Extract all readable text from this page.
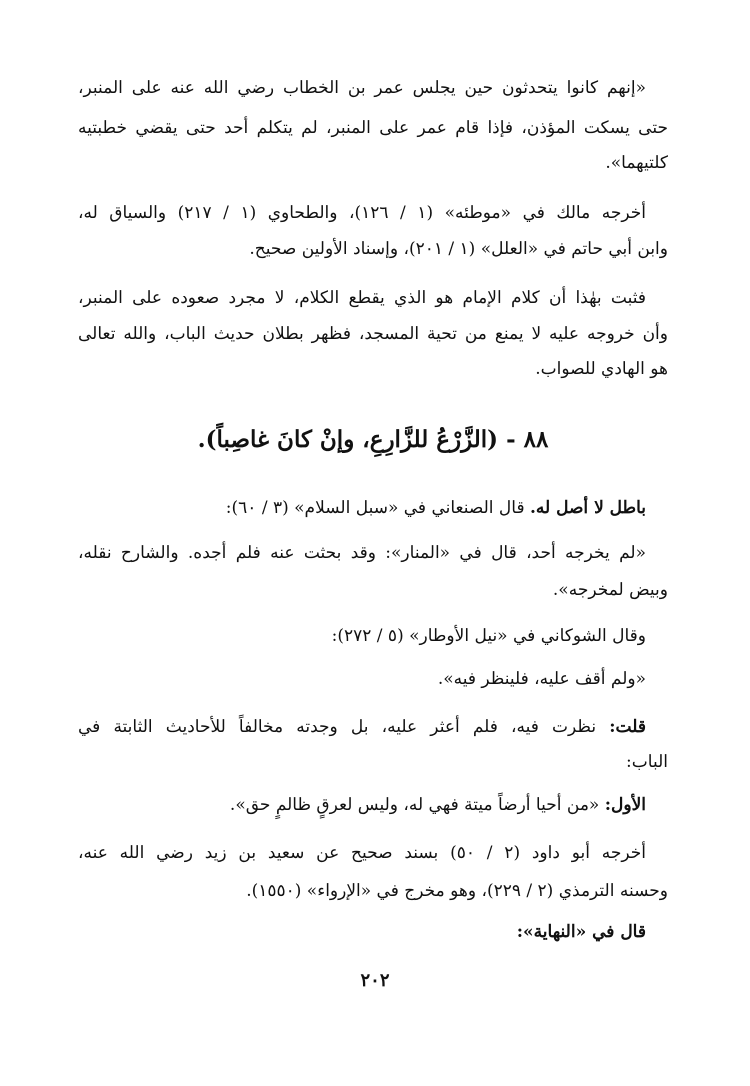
«إنهم كانوا يتحدثون حين يجلس عمر بن الخطاب رضي الله عنه على المنبر،
حتى يسكت المؤذن، فإذا قام عمر على المنبر، لم يتكلم أحد حتى يقضي خطبتيه
كلتيهما».
أخرجه مالك في «موطئه» (١ / ١٢٦)، والطحاوي (١ / ٢١٧) والسياق له،
وابن أبي حاتم في «العلل» (١ / ٢٠١)، وإسناد الأولين صحيح.
فثبت بهٰذا أن كلام الإمام هو الذي يقطع الكلام، لا مجرد صعوده على المنبر،
وأن خروجه عليه لا يمنع من تحية المسجد، فظهر بطلان حديث الباب، والله تعالى
هو الهادي للصواب.
٨٨ - (الزَّرْعُ للزَّارِعِ، وإنْ كانَ غاصِباً).
باطل لا أصل له. قال الصنعاني في «سبل السلام» (٣ / ٦٠):
«لم يخرجه أحد، قال في «المنار»: وقد بحثت عنه فلم أجده. والشارح نقله،
وبيض لمخرجه».
وقال الشوكاني في «نيل الأوطار» (٥ / ٢٧٢):
«ولم أقف عليه، فلينظر فيه».
قلت: نظرت فيه، فلم أعثر عليه، بل وجدته مخالفاً للأحاديث الثابتة في
الباب:
الأول: «من أحيا أرضاً ميتة فهي له، وليس لعرقٍ ظالمٍ حق».
أخرجه أبو داود (٢ / ٥٠) بسند صحيح عن سعيد بن زيد رضي الله عنه،
وحسنه الترمذي (٢ / ٢٢٩)، وهو مخرج في «الإرواء» (١٥٥٠).
قال في «النهاية»:
٢٠٢
